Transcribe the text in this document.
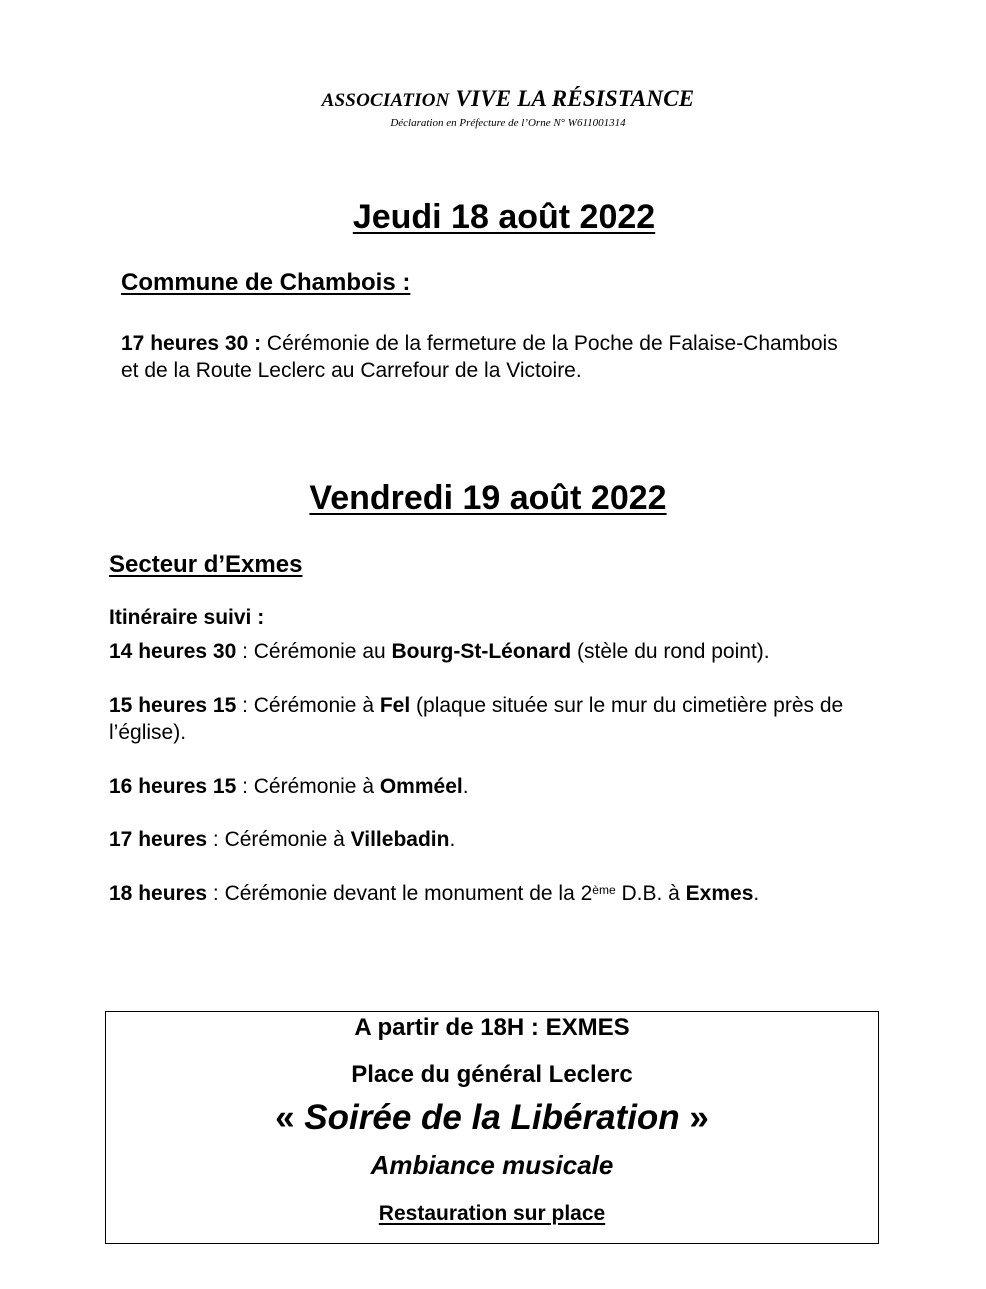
ASSOCIATION VIVE LA RÉSISTANCE
Déclaration en Préfecture de l’Orne N° W611001314
Jeudi 18 août 2022
Commune de Chambois :
17 heures 30 : Cérémonie de la fermeture de la Poche de Falaise-Chambois et de la Route Leclerc au Carrefour de la Victoire.
Vendredi 19 août 2022
Secteur d’Exmes
Itinéraire suivi :
14 heures 30 : Cérémonie au Bourg-St-Léonard (stèle du rond point).
15 heures 15 : Cérémonie à Fel (plaque située sur le mur du cimetière près de l’église).
16 heures 15 : Cérémonie à Omméel.
17 heures : Cérémonie à Villebadin.
18 heures : Cérémonie devant le monument de la 2ème D.B. à Exmes.
A partir de 18H : EXMES
Place du général Leclerc
« Soirée de la Libération »
Ambiance musicale
Restauration sur place
